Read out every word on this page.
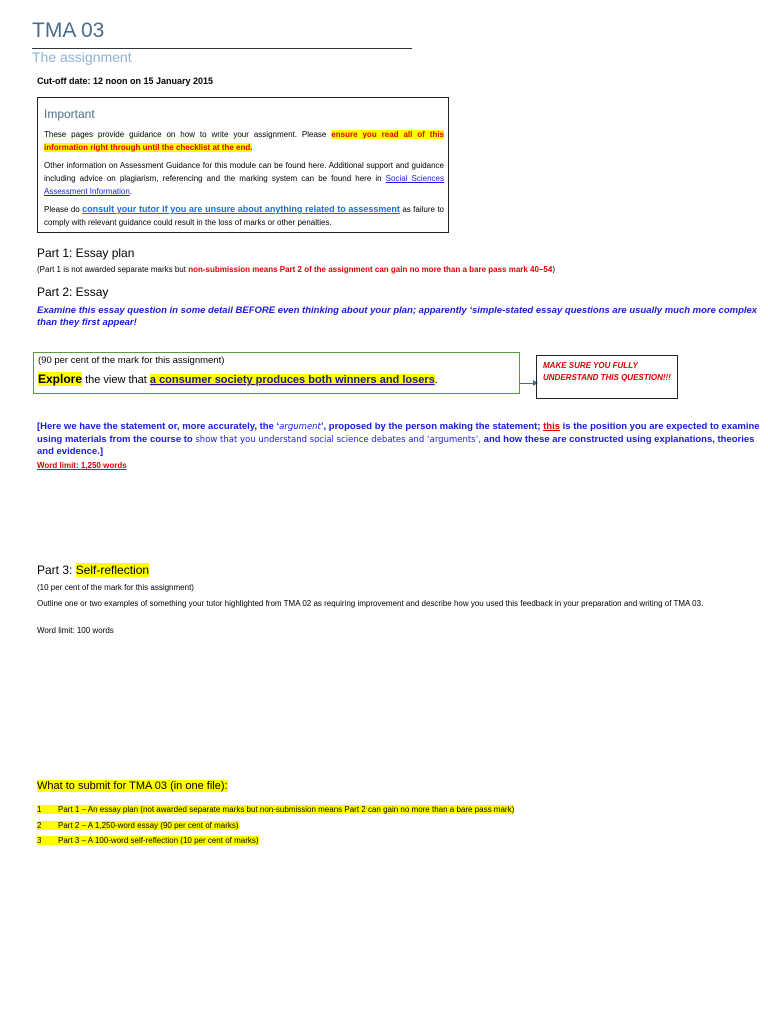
TMA 03
The assignment
Cut-off date: 12 noon on 15 January 2015
Important
These pages provide guidance on how to write your assignment. Please ensure you read all of this information right through until the checklist at the end.
Other information on Assessment Guidance for this module can be found here. Additional support and guidance including advice on plagiarism, referencing and the marking system can be found here in Social Sciences Assessment Information.
Please do consult your tutor if you are unsure about anything related to assessment as failure to comply with relevant guidance could result in the loss of marks or other penalties.
Part 1: Essay plan
(Part 1 is not awarded separate marks but non-submission means Part 2 of the assignment can gain no more than a bare pass mark 40–54)
Part 2: Essay
Examine this essay question in some detail BEFORE even thinking about your plan; apparently ‘simple-stated essay questions are usually much more complex than they first appear!
(90 per cent of the mark for this assignment)
Explore the view that a consumer society produces both winners and losers.
MAKE SURE YOU FULLY UNDERSTAND THIS QUESTION!!!
[Here we have the statement or, more accurately, the ‘argument’, proposed by the person making the statement; this is the position you are expected to examine using materials from the course to show that you understand social science debates and ‘arguments’, and how these are constructed using explanations, theories and evidence.]
Word limit: 1,250 words
Part 3: Self-reflection
(10 per cent of the mark for this assignment)
Outline one or two examples of something your tutor highlighted from TMA 02 as requiring improvement and describe how you used this feedback in your preparation and writing of TMA 03.
Word limit: 100 words
What to submit for TMA 03 (in one file):
1 Part 1 – An essay plan (not awarded separate marks but non-submission means Part 2 can gain no more than a bare pass mark)
2 Part 2 – A 1,250-word essay (90 per cent of marks)
3 Part 3 – A 100-word self-reflection (10 per cent of marks)
